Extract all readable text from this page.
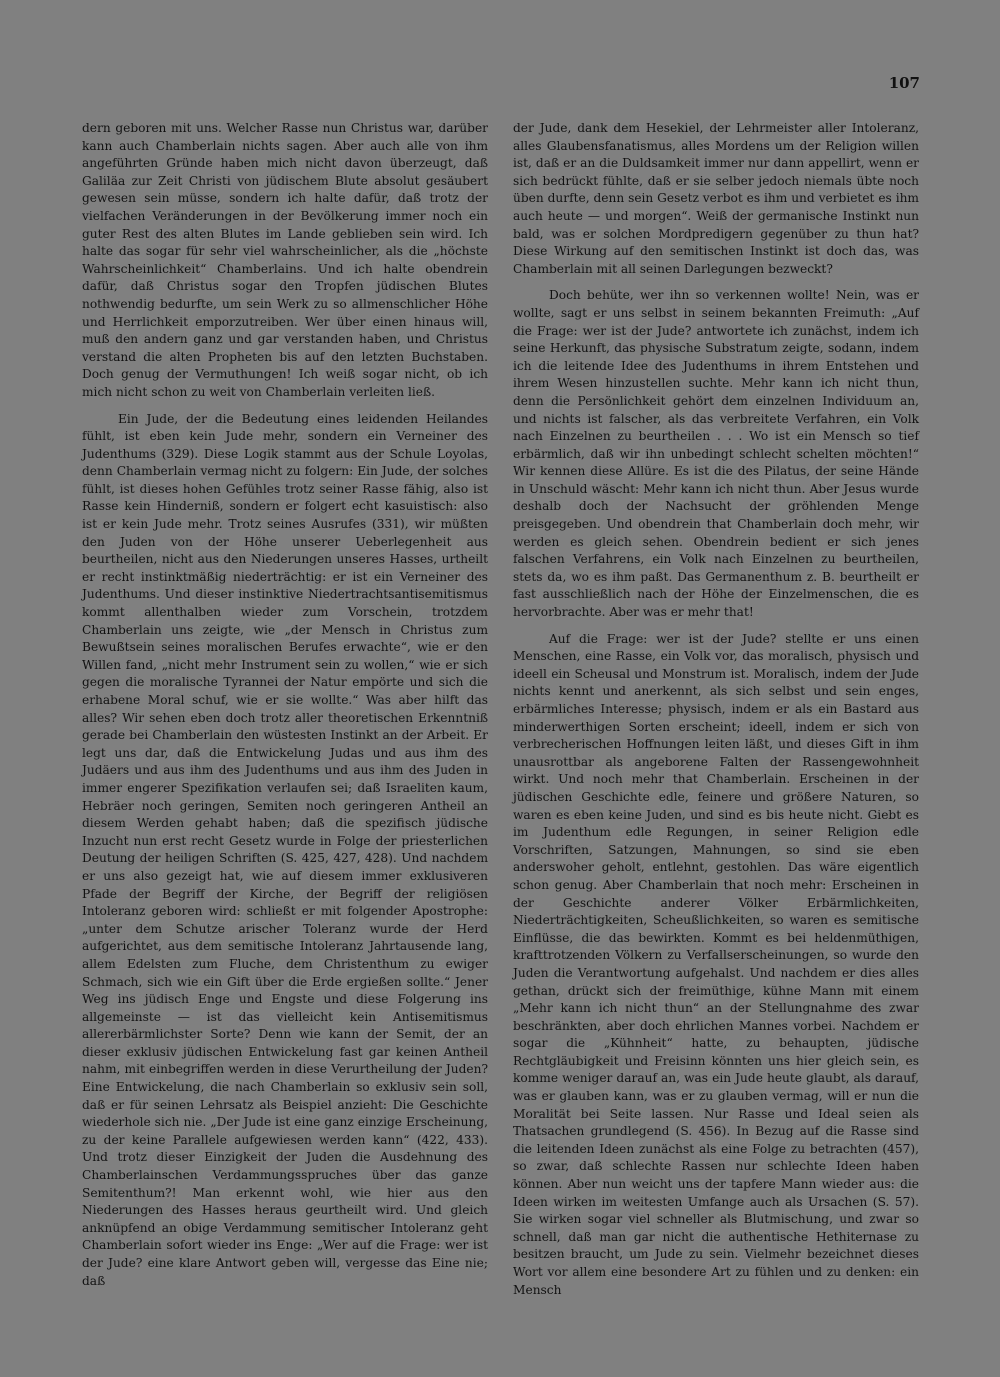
107

dern geboren mit uns. Welcher Rasse nun Christus war, darüber kann auch Chamberlain nichts sagen. Aber auch alle von ihm angeführten Gründe haben mich nicht davon überzeugt, daß Galiläa zur Zeit Christi von jüdischem Blute absolut gesäubert gewesen sein müsse, sondern ich halte dafür, daß trotz der vielfachen Veränderungen in der Bevölkerung immer noch ein guter Rest des alten Blutes im Lande geblieben sein wird. Ich halte das sogar für sehr viel wahrscheinlicher, als die „höchste Wahrscheinlichkeit“ Chamberlains. Und ich halte obendrein dafür, daß Christus sogar den Tropfen jüdischen Blutes nothwendig bedurfte, um sein Werk zu so allmenschlicher Höhe und Herrlichkeit emporzutreiben. Wer über einen hinaus will, muß den andern ganz und gar verstanden haben, und Christus verstand die alten Propheten bis auf den letzten Buchstaben. Doch genug der Vermuthungen! Ich weiß sogar nicht, ob ich mich nicht schon zu weit von Chamberlain verleiten ließ.

Ein Jude, der die Bedeutung eines leidenden Heilandes fühlt, ist eben kein Jude mehr, sondern ein Verneiner des Judenthums (329). Diese Logik stammt aus der Schule Loyolas, denn Chamberlain vermag nicht zu folgern: Ein Jude, der solches fühlt, ist dieses hohen Gefühles trotz seiner Rasse fähig, also ist Rasse kein Hinderniß, sondern er folgert echt kasuistisch: also ist er kein Jude mehr. Trotz seines Ausrufes (331), wir müßten den Juden von der Höhe unserer Ueberlegenheit aus beurtheilen, nicht aus den Niederungen unseres Hasses, urtheilt er recht instinktmäßig niederträchtig: er ist ein Verneiner des Judenthums. Und dieser instinktive Niedertrachtsantisemitismus kommt allenthalben wieder zum Vorschein, trotzdem Chamberlain uns zeigte, wie „der Mensch in Christus zum Bewußtsein seines moralischen Berufes erwachte“, wie er den Willen fand, „nicht mehr Instrument sein zu wollen,“ wie er sich gegen die moralische Tyrannei der Natur empörte und sich die erhabene Moral schuf, wie er sie wollte.“ Was aber hilft das alles? Wir sehen eben doch trotz aller theoretischen Erkenntniß gerade bei Chamberlain den wüstesten Instinkt an der Arbeit. Er legt uns dar, daß die Entwickelung Judas und aus ihm des Judäers und aus ihm des Judenthums und aus ihm des Juden in immer engerer Spezifikation verlaufen sei; daß Israeliten kaum, Hebräer noch geringen, Semiten noch geringeren Antheil an diesem Werden gehabt haben; daß die spezifisch jüdische Inzucht nun erst recht Gesetz wurde in Folge der priesterlichen Deutung der heiligen Schriften (S. 425, 427, 428). Und nachdem er uns also gezeigt hat, wie auf diesem immer exklusiveren Pfade der Begriff der Kirche, der Begriff der religiösen Intoleranz geboren wird: schließt er mit folgender Apostrophe: „unter dem Schutze arischer Toleranz wurde der Herd aufgerichtet, aus dem semitische Intoleranz Jahrtausende lang, allem Edelsten zum Fluche, dem Christenthum zu ewiger Schmach, sich wie ein Gift über die Erde ergießen sollte.“ Jener Weg ins jüdisch Enge und Engste und diese Folgerung ins allgemeinste — ist das vielleicht kein Antisemitismus allererbärmlichster Sorte? Denn wie kann der Semit, der an dieser exklusiv jüdischen Entwickelung fast gar keinen Antheil nahm, mit einbegriffen werden in diese Verurtheilung der Juden? Eine Entwickelung, die nach Chamberlain so exklusiv sein soll, daß er für seinen Lehrsatz als Beispiel anzieht: Die Geschichte wiederhole sich nie. „Der Jude ist eine ganz einzige Erscheinung, zu der keine Parallele aufgewiesen werden kann“ (422, 433). Und trotz dieser Einzigkeit der Juden die Ausdehnung des Chamberlainschen Verdammungsspruches über das ganze Semitenthum?! Man erkennt wohl, wie hier aus den Niederungen des Hasses heraus geurtheilt wird. Und gleich anknüpfend an obige Verdammung semitischer Intoleranz geht Chamberlain sofort wieder ins Enge: „Wer auf die Frage: wer ist der Jude? eine klare Antwort geben will, vergesse das Eine nie; daß

der Jude, dank dem Hesekiel, der Lehrmeister aller Intoleranz, alles Glaubensfanatismus, alles Mordens um der Religion willen ist, daß er an die Duldsamkeit immer nur dann appellirt, wenn er sich bedrückt fühlte, daß er sie selber jedoch niemals übte noch üben durfte, denn sein Gesetz verbot es ihm und verbietet es ihm auch heute — und morgen“. Weiß der germanische Instinkt nun bald, was er solchen Mordpredigern gegenüber zu thun hat? Diese Wirkung auf den semitischen Instinkt ist doch das, was Chamberlain mit all seinen Darlegungen bezweckt?

Doch behüte, wer ihn so verkennen wollte! Nein, was er wollte, sagt er uns selbst in seinem bekannten Freimuth: „Auf die Frage: wer ist der Jude? antwortete ich zunächst, indem ich seine Herkunft, das physische Substratum zeigte, sodann, indem ich die leitende Idee des Judenthums in ihrem Entstehen und ihrem Wesen hinzustellen suchte. Mehr kann ich nicht thun, denn die Persönlichkeit gehört dem einzelnen Individuum an, und nichts ist falscher, als das verbreitete Verfahren, ein Volk nach Einzelnen zu beurtheilen . . . Wo ist ein Mensch so tief erbärmlich, daß wir ihn unbedingt schlecht schelten möchten!“ Wir kennen diese Allüre. Es ist die des Pilatus, der seine Hände in Unschuld wäscht: Mehr kann ich nicht thun. Aber Jesus wurde deshalb doch der Nachsucht der gröhlenden Menge preisgegeben. Und obendrein that Chamberlain doch mehr, wir werden es gleich sehen. Obendrein bedient er sich jenes falschen Verfahrens, ein Volk nach Einzelnen zu beurtheilen, stets da, wo es ihm paßt. Das Germanenthum z. B. beurtheilt er fast ausschließlich nach der Höhe der Einzelmenschen, die es hervorbrachte. Aber was er mehr that!

Auf die Frage: wer ist der Jude? stellte er uns einen Menschen, eine Rasse, ein Volk vor, das moralisch, physisch und ideell ein Scheusal und Monstrum ist. Moralisch, indem der Jude nichts kennt und anerkennt, als sich selbst und sein enges, erbärmliches Interesse; physisch, indem er als ein Bastard aus minderwerthigen Sorten erscheint; ideell, indem er sich von verbrecherischen Hoffnungen leiten läßt, und dieses Gift in ihm unausrottbar als angeborene Falten der Rassengewohnheit wirkt. Und noch mehr that Chamberlain. Erscheinen in der jüdischen Geschichte edle, feinere und größere Naturen, so waren es eben keine Juden, und sind es bis heute nicht. Giebt es im Judenthum edle Regungen, in seiner Religion edle Vorschriften, Satzungen, Mahnungen, so sind sie eben anderswoher geholt, entlehnt, gestohlen. Das wäre eigentlich schon genug. Aber Chamberlain that noch mehr: Erscheinen in der Geschichte anderer Völker Erbärmlichkeiten, Niederträchtigkeiten, Scheußlichkeiten, so waren es semitische Einflüsse, die das bewirkten. Kommt es bei heldenmüthigen, krafttrotzenden Völkern zu Verfallserscheinungen, so wurde den Juden die Verantwortung aufgehalst. Und nachdem er dies alles gethan, drückt sich der freimüthige, kühne Mann mit einem „Mehr kann ich nicht thun“ an der Stellungnahme des zwar beschränkten, aber doch ehrlichen Mannes vorbei. Nachdem er sogar die „Kühnheit“ hatte, zu behaupten, jüdische Rechtgläubigkeit und Freisinn könnten uns hier gleich sein, es komme weniger darauf an, was ein Jude heute glaubt, als darauf, was er glauben kann, was er zu glauben vermag, will er nun die Moralität bei Seite lassen. Nur Rasse und Ideal seien als Thatsachen grundlegend (S. 456). In Bezug auf die Rasse sind die leitenden Ideen zunächst als eine Folge zu betrachten (457), so zwar, daß schlechte Rassen nur schlechte Ideen haben können. Aber nun weicht uns der tapfere Mann wieder aus: die Ideen wirken im weitesten Umfange auch als Ursachen (S. 57). Sie wirken sogar viel schneller als Blutmischung, und zwar so schnell, daß man gar nicht die authentische Hethiternase zu besitzen braucht, um Jude zu sein. Vielmehr bezeichnet dieses Wort vor allem eine besondere Art zu fühlen und zu denken: ein Mensch
